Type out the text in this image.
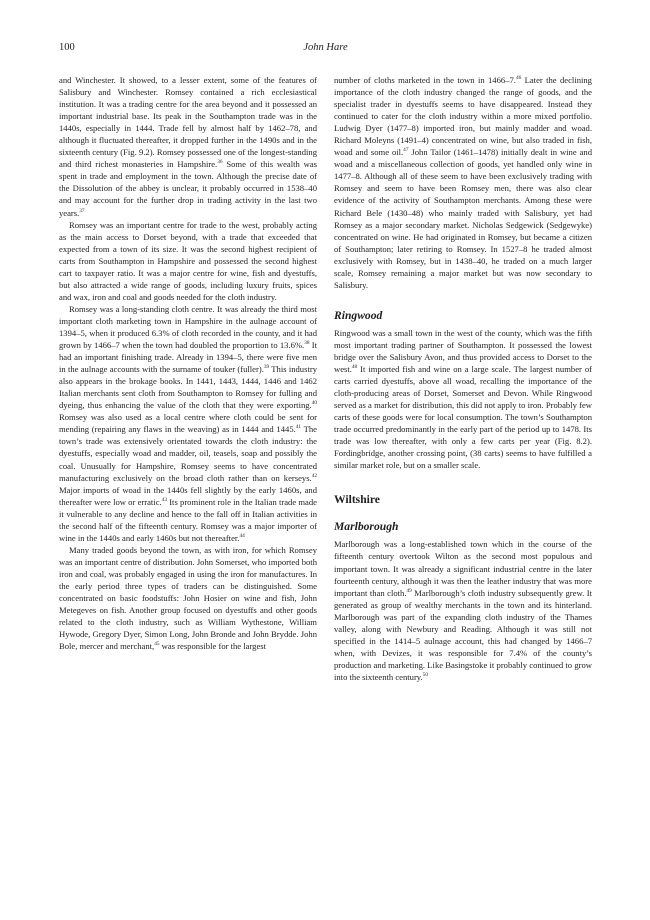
100	John Hare

and Winchester. It showed, to a lesser extent, some of the features of Salisbury and Winchester. Romsey contained a rich ecclesiastical institution. It was a trading centre for the area beyond and it possessed an important industrial base. Its peak in the Southampton trade was in the 1440s, especially in 1444. Trade fell by almost half by 1462–78, and although it fluctuated thereafter, it dropped further in the 1490s and in the sixteenth century (Fig. 9.2). Romsey possessed one of the longest-standing and third richest monasteries in Hampshire.$^{36}$ Some of this wealth was spent in trade and employment in the town. Although the precise date of the Dissolution of the abbey is unclear, it probably occurred in 1538–40 and may account for the further drop in trading activity in the last two years.$^{37}$

Romsey was an important centre for trade to the west, probably acting as the main access to Dorset beyond, with a trade that exceeded that expected from a town of its size. It was the second highest recipient of carts from Southampton in Hampshire and possessed the second highest cart to taxpayer ratio. It was a major centre for wine, fish and dyestuffs, but also attracted a wide range of goods, including luxury fruits, spices and wax, iron and coal and goods needed for the cloth industry.

Romsey was a long-standing cloth centre. It was already the third most important cloth marketing town in Hampshire in the aulnage account of 1394–5, when it produced 6.3% of cloth recorded in the county, and it had grown by 1466–7 when the town had doubled the proportion to 13.6%.$^{38}$ It had an important finishing trade. Already in 1394–5, there were five men in the aulnage accounts with the surname of touker (fuller).$^{39}$ This industry also appears in the brokage books. In 1441, 1443, 1444, 1446 and 1462 Italian merchants sent cloth from Southampton to Romsey for fulling and dyeing, thus enhancing the value of the cloth that they were exporting.$^{40}$ Romsey was also used as a local centre where cloth could be sent for mending (repairing any flaws in the weaving) as in 1444 and 1445.41 The town’s trade was extensively orientated towards the cloth industry: the dyestuffs, especially woad and madder, oil, teasels, soap and possibly the coal. Unusually for Hampshire, Romsey seems to have concentrated manufacturing exclusively on the broad cloth rather than on kerseys.$^{42}$ Major imports of woad in the 1440s fell slightly by the early 1460s, and thereafter were low or erratic.$^{43}$ Its prominent role in the Italian trade made it vulnerable to any decline and hence to the fall off in Italian activities in the second half of the fifteenth century. Romsey was a major importer of wine in the 1440s and early 1460s but not thereafter.$^{44}$

Many traded goods beyond the town, as with iron, for which Romsey was an important centre of distribution. John Somerset, who imported both iron and coal, was probably engaged in using the iron for manufactures. In the early period three types of traders can be distinguished. Some concentrated on basic foodstuffs: John Hosier on wine and fish, John Metegeves on fish. Another group focused on dyestuffs and other goods related to the cloth industry, such as William Wythestone, William Hywode, Gregory Dyer, Simon Long, John Bronde and John Brydde. John Bole, mercer and merchant,$^{45}$ was responsible for the largest

number of cloths marketed in the town in 1466–7.46 Later the declining importance of the cloth industry changed the range of goods, and the specialist trader in dyestuffs seems to have disappeared. Instead they continued to cater for the cloth industry within a more mixed portfolio. Ludwig Dyer (1477–8) imported iron, but mainly madder and woad. Richard Moleyns (1491–4) concentrated on wine, but also traded in fish, woad and some oil.$^{47}$ John Tailor (1461–1478) initially dealt in wine and woad and a miscellaneous collection of goods, yet handled only wine in 1477–8. Although all of these seem to have been exclusively trading with Romsey and seem to have been Romsey men, there was also clear evidence of the activity of Southampton merchants. Among these were Richard Bele (1430–48) who mainly traded with Salisbury, yet had Romsey as a major secondary market. Nicholas Sedgewick (Sedgewyke) concentrated on wine. He had originated in Romsey, but became a citizen of Southampton; later retiring to Romsey. In 1527–8 he traded almost exclusively with Romsey, but in 1438–40, he traded on a much larger scale, Romsey remaining a major market but was now secondary to Salisbury.

Ringwood

Ringwood was a small town in the west of the county, which was the fifth most important trading partner of Southampton. It possessed the lowest bridge over the Salisbury Avon, and thus provided access to Dorset to the west.$^{48}$ It imported fish and wine on a large scale. The largest number of carts carried dyestuffs, above all woad, recalling the importance of the cloth-producing areas of Dorset, Somerset and Devon. While Ringwood served as a market for distribution, this did not apply to iron. Probably few carts of these goods were for local consumption. The town’s Southampton trade occurred predominantly in the early part of the period up to 1478. Its trade was low thereafter, with only a few carts per year (Fig. 8.2). Fordingbridge, another crossing point, (38 carts) seems to have fulfilled a similar market role, but on a smaller scale.

Wiltshire
Marlborough

Marlborough was a long-established town which in the course of the fifteenth century overtook Wilton as the second most populous and important town. It was already a significant industrial centre in the later fourteenth century, although it was then the leather industry that was more important than cloth.$^{49}$ Marlborough’s cloth industry subsequently grew. It generated as group of wealthy merchants in the town and its hinterland. Marlborough was part of the expanding cloth industry of the Thames valley, along with Newbury and Reading. Although it was still not specified in the 1414–5 aulnage account, this had changed by 1466–7 when, with Devizes, it was responsible for 7.4% of the county’s production and marketing. Like Basingstoke it probably continued to grow into the sixteenth century.$^{50}$
